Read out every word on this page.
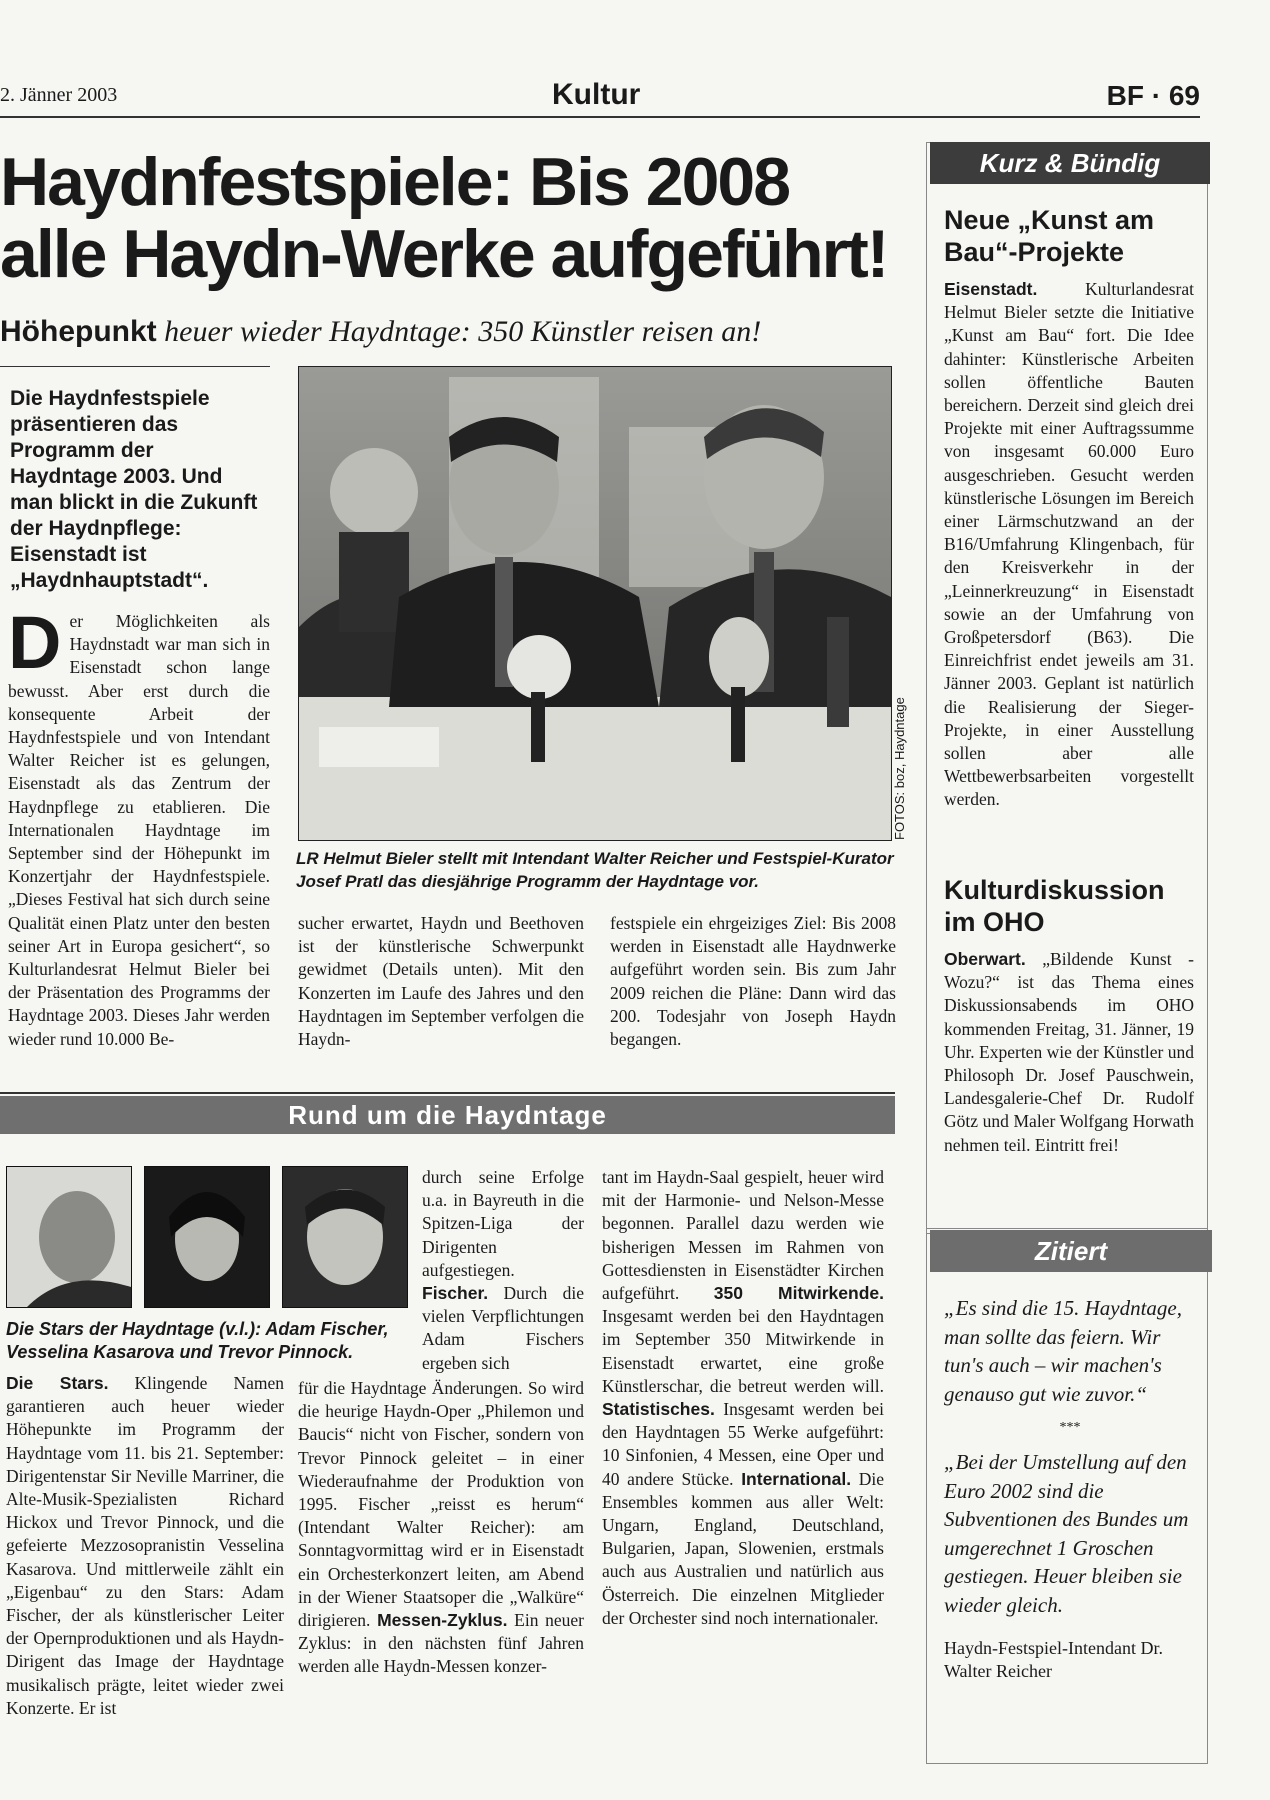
2. Jänner 2003	Kultur	BF · 69
Haydnfestspiele: Bis 2008
alle Haydn-Werke aufgeführt!
Höhepunkt heuer wieder Haydntage: 350 Künstler reisen an!
Die Haydnfestspiele präsentieren das Programm der Haydntage 2003. Und man blickt in die Zukunft der Haydnpflege: Eisenstadt ist „Haydnhauptstadt“.
Der Möglichkeiten als Haydnstadt war man sich in Eisenstadt schon lange bewusst. Aber erst durch die konsequente Arbeit der Haydnfestspiele und von Intendant Walter Reicher ist es gelungen, Eisenstadt als das Zentrum der Haydnpflege zu etablieren. Die Internationalen Haydntage im September sind der Höhepunkt im Konzertjahr der Haydnfestspiele. „Dieses Festival hat sich durch seine Qualität einen Platz unter den besten seiner Art in Europa gesichert“, so Kulturlandesrat Helmut Bieler bei der Präsentation des Programms der Haydntage 2003. Dieses Jahr werden wieder rund 10.000 Be-
FOTOS: boz, Haydntage
LR Helmut Bieler stellt mit Intendant Walter Reicher und Festspiel-Kurator Josef Pratl das diesjährige Programm der Haydntage vor.
sucher erwartet, Haydn und Beethoven ist der künstlerische Schwerpunkt gewidmet (Details unten). Mit den Konzerten im Laufe des Jahres und den Haydntagen im September verfolgen die Haydn-
festspiele ein ehrgeiziges Ziel: Bis 2008 werden in Eisenstadt alle Haydnwerke aufgeführt worden sein. Bis zum Jahr 2009 reichen die Pläne: Dann wird das 200. Todesjahr von Joseph Haydn begangen.
Kurz & Bündig
Neue „Kunst am Bau“-Projekte
Eisenstadt.	Kulturlandesrat Helmut Bieler setzte die Initiative „Kunst am Bau“ fort. Die Idee dahinter: Künstlerische Arbeiten sollen öffentliche Bauten bereichern. Derzeit sind gleich drei Projekte mit einer Auftragssumme von insgesamt 60.000 Euro ausgeschrieben. Gesucht werden künstlerische Lösungen im Bereich einer Lärmschutzwand an der B16/Umfahrung Klingenbach, für den Kreisverkehr in der „Leinnerkreuzung“ in Eisenstadt sowie an der Umfahrung von Großpetersdorf (B63). Die Einreichfrist endet jeweils am 31. Jänner 2003. Geplant ist natürlich die Realisierung der Sieger-Projekte, in einer Ausstellung sollen aber alle Wettbewerbsarbeiten vorgestellt werden.
Kulturdiskussion im OHO
Oberwart. „Bildende Kunst - Wozu?“ ist das Thema eines Diskussionsabends im OHO kommenden Freitag, 31. Jänner, 19 Uhr. Experten wie der Künstler und Philosoph Dr. Josef Pauschwein, Landesgalerie-Chef Dr. Rudolf Götz und Maler Wolfgang Horwath nehmen teil. Eintritt frei!
Zitiert
„Es sind die 15. Haydntage, man sollte das feiern. Wir tun's auch – wir machen's genauso gut wie zuvor.“
***
„Bei der Umstellung auf den Euro 2002 sind die Subventionen des Bundes um umgerechnet 1 Groschen gestiegen. Heuer bleiben sie wieder gleich.
Haydn-Festspiel-Intendant Dr. Walter Reicher
Rund um die Haydntage
Die Stars der Haydntage (v.l.): Adam Fischer, Vesselina Kasarova und Trevor Pinnock.
Die Stars. Klingende Namen garantieren auch heuer wieder Höhepunkte im Programm der Haydntage vom 11. bis 21. September: Dirigentenstar Sir Neville Marriner, die Alte-Musik-Spezialisten Richard Hickox und Trevor Pinnock, und die gefeierte Mezzosopranistin Vesselina Kasarova. Und mittlerweile zählt ein „Eigenbau“ zu den Stars: Adam Fischer, der als künstlerischer Leiter der Opernproduktionen und als Haydn-Dirigent das Image der Haydntage musikalisch prägte, leitet wieder zwei Konzerte. Er ist
durch seine Erfolge u.a. in Bayreuth in die Spitzen-Liga der Dirigenten aufgestiegen. Fischer. Durch die vielen Verpflichtungen Adam Fischers ergeben sich
für die Haydntage Änderungen. So wird die heurige Haydn-Oper „Philemon und Baucis“ nicht von Fischer, sondern von Trevor Pinnock geleitet – in einer Wiederaufnahme der Produktion von 1995. Fischer „reisst es herum“ (Intendant Walter Reicher): am Sonntagvormittag wird er in Eisenstadt ein Orchesterkonzert leiten, am Abend in der Wiener Staatsoper die „Walküre“ dirigieren. Messen-Zyklus. Ein neuer Zyklus: in den nächsten fünf Jahren werden alle Haydn-Messen konzer-
tant im Haydn-Saal gespielt, heuer wird mit der Harmonie- und Nelson-Messe begonnen. Parallel dazu werden wie bisherigen Messen im Rahmen von Gottesdiensten in Eisenstädter Kirchen aufgeführt. 350 Mitwirkende. Insgesamt werden bei den Haydntagen im September 350 Mitwirkende in Eisenstadt erwartet, eine große Künstlerschar, die betreut werden will. Statistisches. Insgesamt werden bei den Haydntagen 55 Werke aufgeführt: 10 Sinfonien, 4 Messen, eine Oper und 40 andere Stücke. International. Die Ensembles kommen aus aller Welt: Ungarn, England, Deutschland, Bulgarien, Japan, Slowenien, erstmals auch aus Australien und natürlich aus Österreich. Die einzelnen Mitglieder der Orchester sind noch internationaler.
